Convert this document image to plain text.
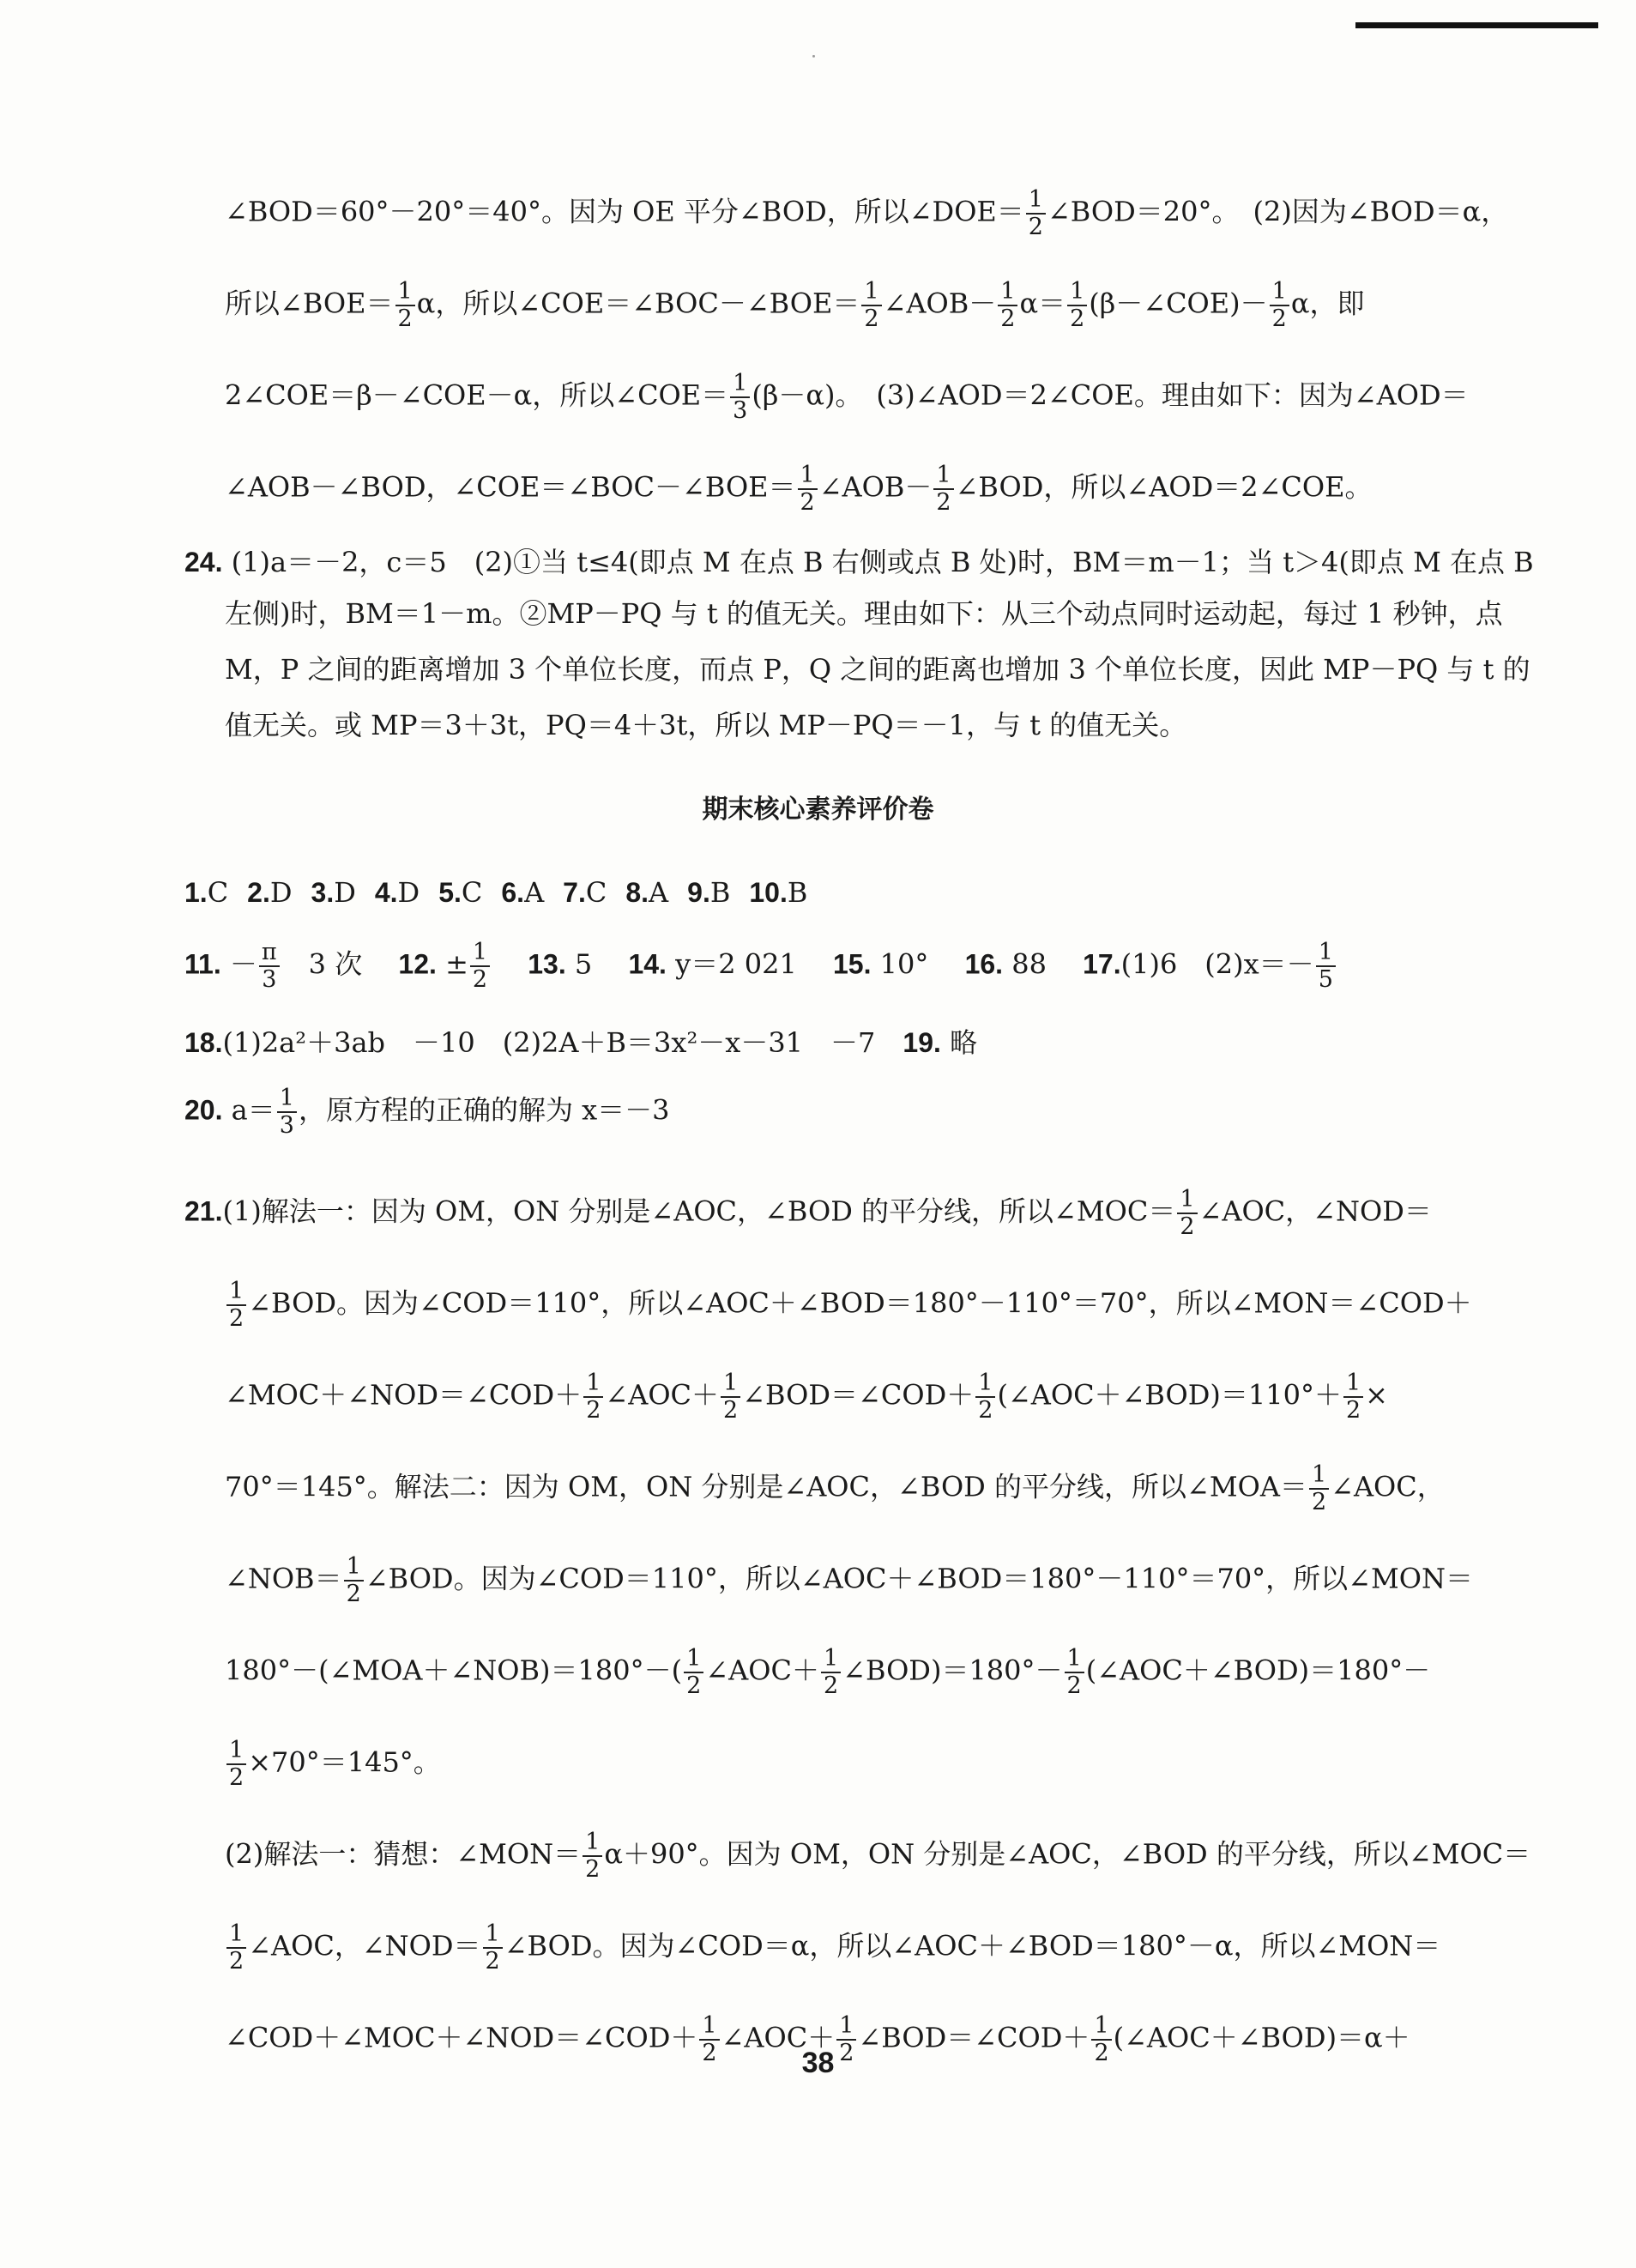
∠BOD＝60°－20°＝40°。因为 OE 平分∠BOD，所以∠DOE＝ $\frac{1}{2}$ ∠BOD＝20°。　(2)因为∠BOD＝α，
所以∠BOE＝ $\frac{1}{2}$ α，所以∠COE＝∠BOC－∠BOE＝ $\frac{1}{2}$ ∠AOB－ $\frac{1}{2} \alpha= \frac{1}{2}$ (β－∠COE)－ $\frac{1}{2}$ α，即
2∠COE＝β－∠COE－α，所以∠COE＝ $\frac{1}{3} (\beta-\alpha)$。　(3)∠AOD＝2∠COE。理由如下：因为∠AOD＝
∠AOB－∠BOD，∠COE＝∠BOC－∠BOE＝ $\frac{1}{2}$ ∠AOB－ $\frac{1}{2}$ ∠BOD，所以∠AOD＝2∠COE。
24. (1)a＝－2，c＝5　(2)①当 t≤4(即点 M 在点 B 右侧或点 B 处)时，BM＝m－1；当 t＞4(即点 M 在点 B
左侧)时，BM＝1－m。②MP－PQ 与 t 的值无关。理由如下：从三个动点同时运动起，每过 1 秒钟，点
M，P 之间的距离增加 3 个单位长度，而点 P，Q 之间的距离也增加 3 个单位长度，因此 MP－PQ 与 t 的
值无关。或 MP＝3＋3t，PQ＝4＋3t，所以 MP－PQ＝－1，与 t 的值无关。
期末核心素养评价卷
1.C 2.D 3.D 4.D 5.C 6.A 7.C 8.A 9.B 10.B
11. － $\frac{\pi}{3}$
　 3 次　 12. ± $\frac{1}{2}$
　 13. 5　 14. y＝2 021　 15. 10°　 16. 88　 17.(1)6　$(2)x=- \frac{1}{5}$
18.(1)2a²＋3ab　－10　(2)2A＋B＝3x²－x－31　－7　 19. 略
20. $a= \frac{1}{3}$ ，原方程的正确的解为 x＝－3
21.(1)解法一：因为 OM，ON 分别是∠AOC，∠BOD 的平分线，所以∠MOC＝ $\frac{1}{2}$ ∠AOC，∠NOD＝
$\frac{1}{2}$ ∠BOD。因为∠COD＝110°，所以∠AOC＋∠BOD＝180°－110°＝70°，所以∠MON＝∠COD＋
∠MOC＋∠NOD＝∠COD＋ $\frac{1}{2}$ ∠AOC＋ $\frac{1}{2}$ ∠BOD＝∠COD＋ $\frac{1}{2}$ (∠AOC＋∠BOD)＝110°＋ $\frac{1}{2}$ ×
70°＝145°。解法二：因为 OM，ON 分别是∠AOC，∠BOD 的平分线，所以∠MOA＝ $\frac{1}{2}$ ∠AOC，
∠NOB＝ $\frac{1}{2}$ ∠BOD。因为∠COD＝110°，所以∠AOC＋∠BOD＝180°－110°＝70°，所以∠MON＝
180°－(∠MOA＋∠NOB)＝180°－( $\frac{1}{2}$ ∠AOC＋ $\frac{1}{2}$ ∠BOD)＝180°－ $\frac{1}{2}$ (∠AOC＋∠BOD)＝180°－
$\frac{1}{2} \times 70^\circ=145^\circ$。
(2)解法一：猜想：∠MON＝ $\frac{1}{2} \alpha+90^\circ$。因为 OM，ON 分别是∠AOC，∠BOD 的平分线，所以∠MOC＝
$\frac{1}{2}$ ∠AOC，∠NOD＝ $\frac{1}{2}$ ∠BOD。因为∠COD＝α，所以∠AOC＋∠BOD＝180°－α，所以∠MON＝
∠COD＋∠MOC＋∠NOD＝∠COD＋ $\frac{1}{2}$ ∠AOC＋ $\frac{1}{2}$ ∠BOD＝∠COD＋ $\frac{1}{2}$ (∠AOC＋∠BOD)＝α＋
38
